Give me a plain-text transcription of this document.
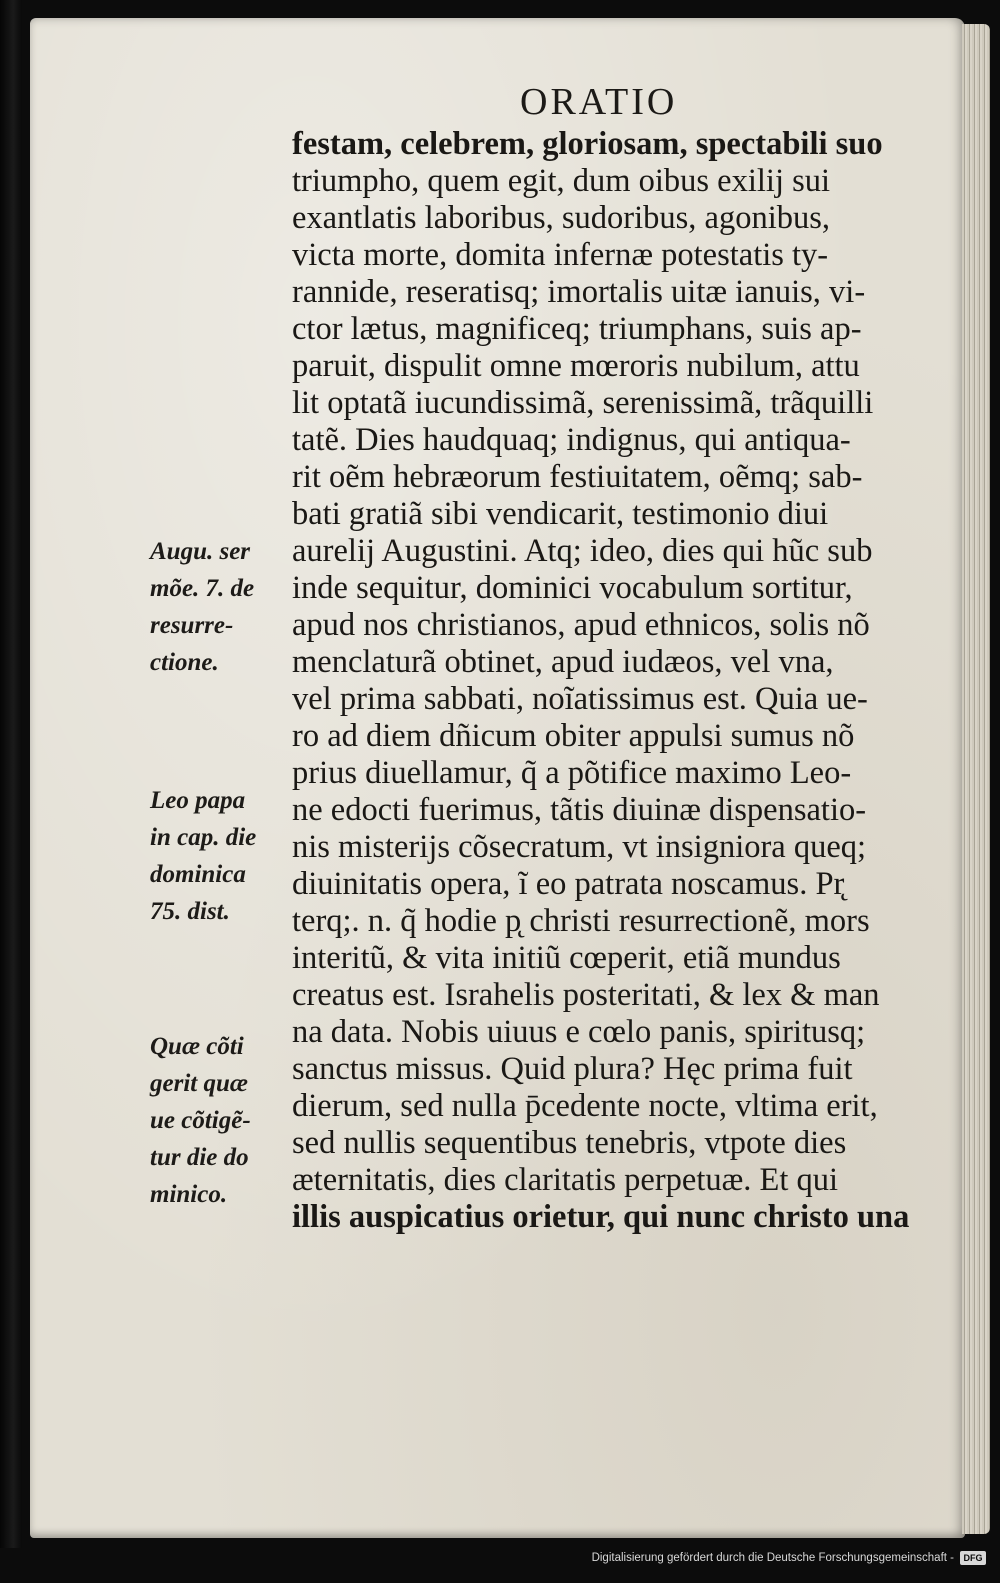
ORATIO
festam, celebrem, gloriosam, spectabili suo
triumpho, quem egit, dum oibus exilij sui
exantlatis laboribus, sudoribus, agonibus,
victa morte, domita infernæ potestatis ty-
rannide, reseratisq; imortalis uitæ ianuis, vi-
ctor lætus, magnificeq; triumphans, suis ap-
paruit, dispulit omne mœroris nubilum, attu
lit optatã iucundissimã, serenissimã, trãquilli
tatẽ. Dies haudquaq; indignus, qui antiqua-
rit oẽm hebræorum festiuitatem, oẽmq; sab-
bati gratiã sibi vendicarit, testimonio diui
aurelij Augustini. Atq; ideo, dies qui hũc sub
inde sequitur, dominici vocabulum sortitur,
apud nos christianos, apud ethnicos, solis nõ
menclaturã obtinet, apud iudæos, vel vna,
vel prima sabbati, noĩatissimus est. Quia ue-
ro ad diem dñicum obiter appulsi sumus nõ
prius diuellamur, q̃ a põtifice maximo Leo-
ne edocti fuerimus, tãtis diuinæ dispensatio-
nis misterijs cõsecratum, vt insigniora queq;
diuinitatis opera, ĩ eo patrata noscamus. Pr̨
terq;. n. q̃ hodie p̨ christi resurrectionẽ, mors
interitũ, & vita initiũ cœperit, etiã mundus
creatus est. Israhelis posteritati, & lex & man
na data. Nobis uiuus e cœlo panis, spiritusq;
sanctus missus. Quid plura? Hęc prima fuit
dierum, sed nulla p̄cedente nocte, vltima erit,
sed nullis sequentibus tenebris, vtpote dies
æternitatis, dies claritatis perpetuæ. Et qui
illis auspicatius orietur, qui nunc christo una
Augu. ser
mõe. 7. de
resurre-
ctione.
Leo papa
in cap. die
dominica
75. dist.
Quæ cõti
gerit quæ
ue cõtigẽ-
tur die do
minico.
Digitalisierung gefördert durch die Deutsche Forschungsgemeinschaft -	DFG
